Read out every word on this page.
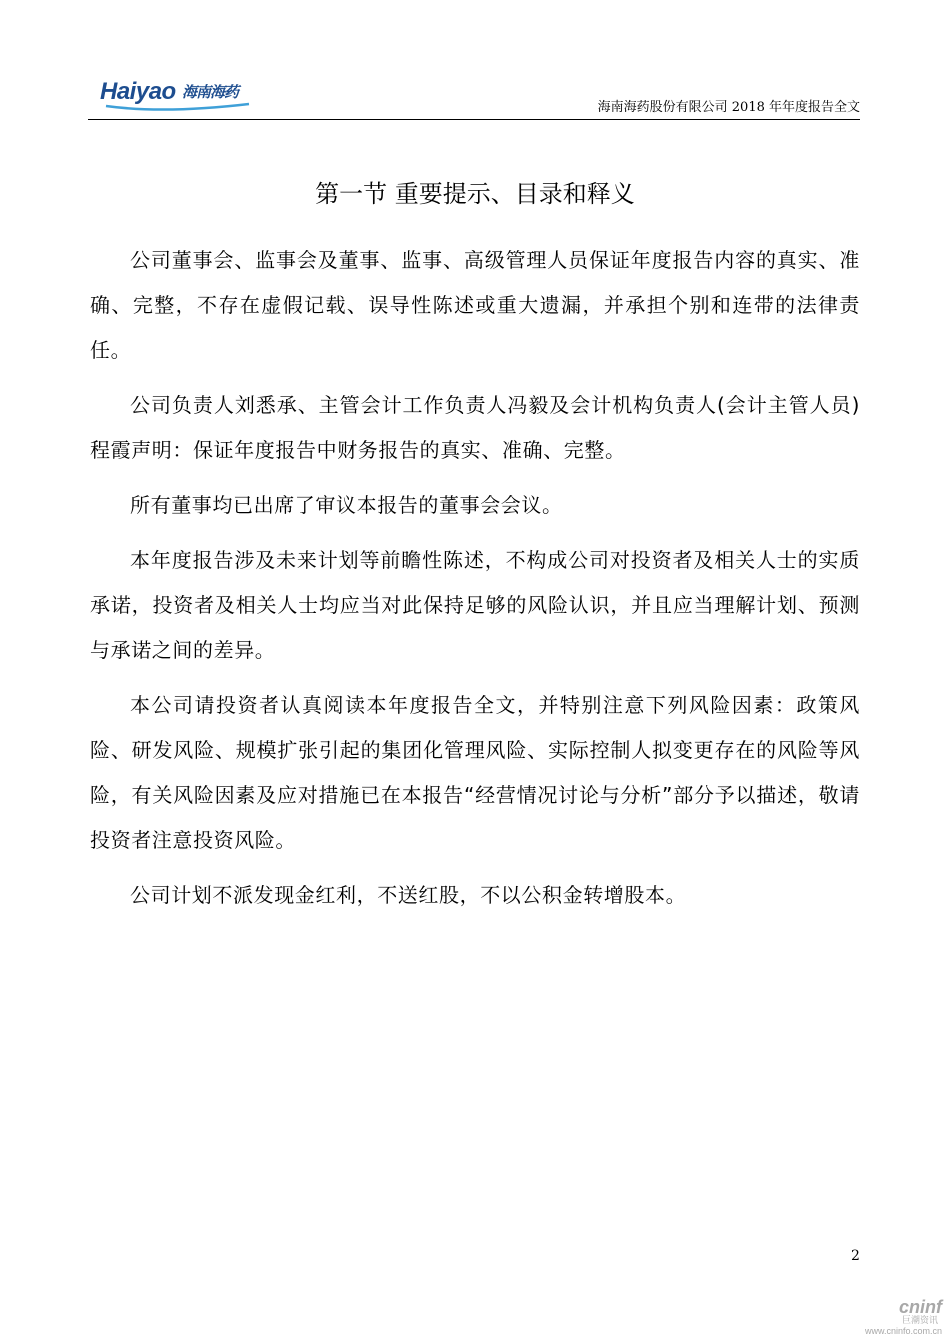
Haiyao 海南海药
海南海药股份有限公司 2018 年年度报告全文
第一节 重要提示、目录和释义

公司董事会、监事会及董事、监事、高级管理人员保证年度报告内容的真实、准确、完整，不存在虚假记载、误导性陈述或重大遗漏，并承担个别和连带的法律责任。

公司负责人刘悉承、主管会计工作负责人冯毅及会计机构负责人(会计主管人员)程霞声明：保证年度报告中财务报告的真实、准确、完整。

所有董事均已出席了审议本报告的董事会会议。

本年度报告涉及未来计划等前瞻性陈述，不构成公司对投资者及相关人士的实质承诺，投资者及相关人士均应当对此保持足够的风险认识，并且应当理解计划、预测与承诺之间的差异。

本公司请投资者认真阅读本年度报告全文，并特别注意下列风险因素：政策风险、研发风险、规模扩张引起的集团化管理风险、实际控制人拟变更存在的风险等风险，有关风险因素及应对措施已在本报告“经营情况讨论与分析”部分予以描述，敬请投资者注意投资风险。

公司计划不派发现金红利，不送红股，不以公积金转增股本。

2
cninf
巨潮资讯
www.cninfo.com.cn
